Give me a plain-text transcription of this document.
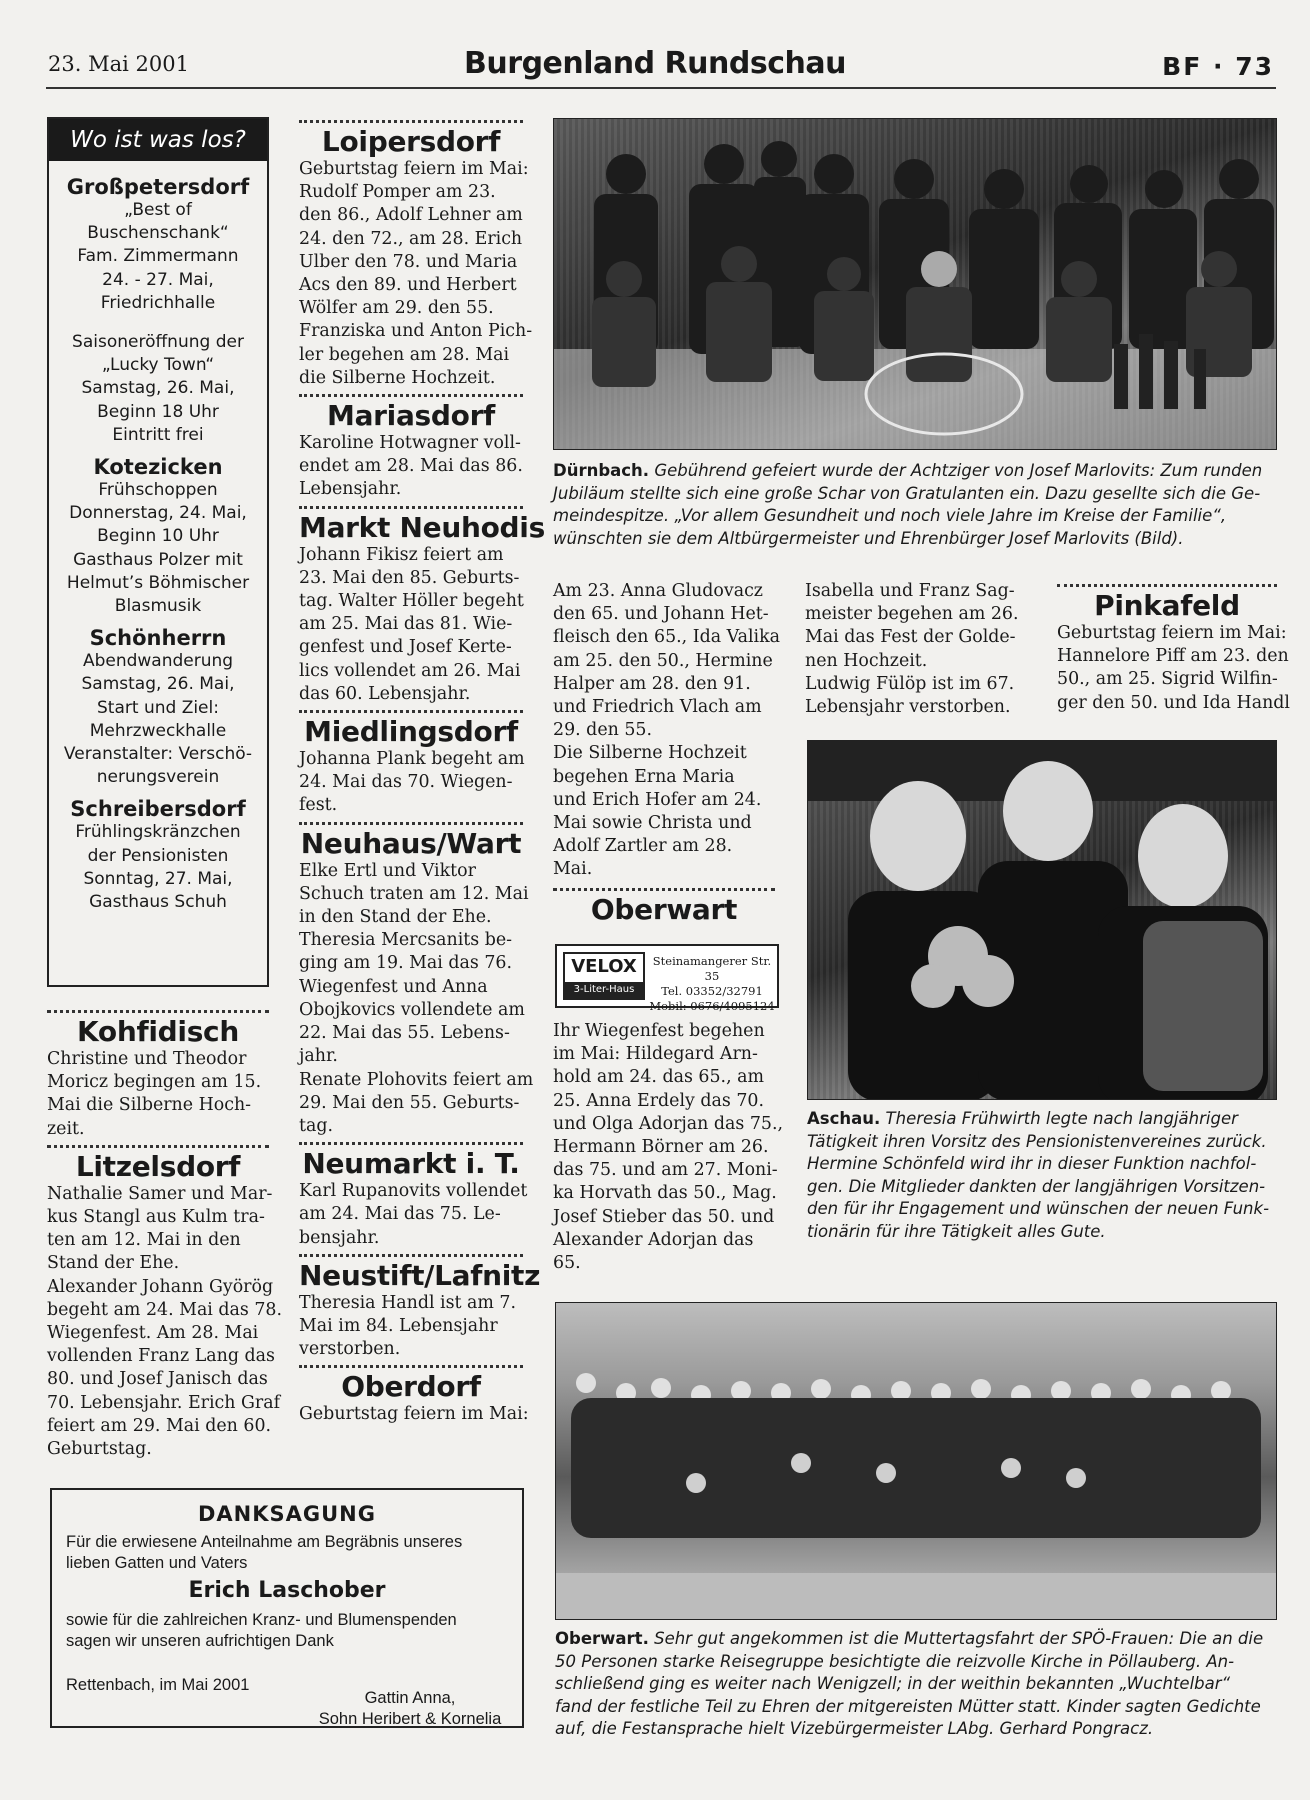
23. Mai 2001	Burgenland Rundschau	BF · 73
Wo ist was los?
Großpetersdorf
„Best of
Buschenschank“
Fam. Zimmermann
24. - 27. Mai,
Friedrichhalle
Saisoneröffnung der
„Lucky Town“
Samstag, 26. Mai,
Beginn 18 Uhr
Eintritt frei
Kotezicken
Frühschoppen
Donnerstag, 24. Mai,
Beginn 10 Uhr
Gasthaus Polzer mit
Helmut’s Böhmischer
Blasmusik
Schönherrn
Abendwanderung
Samstag, 26. Mai,
Start und Ziel:
Mehrzweckhalle
Veranstalter: Verschö-
nerungsverein
Schreibersdorf
Frühlingskränzchen
der Pensionisten
Sonntag, 27. Mai,
Gasthaus Schuh
Kohfidisch
Christine und Theodor
Moricz begingen am 15.
Mai die Silberne Hoch-
zeit.
Litzelsdorf
Nathalie Samer und Mar-
kus Stangl aus Kulm tra-
ten am 12. Mai in den
Stand der Ehe.
Alexander Johann Györög
begeht am 24. Mai das 78.
Wiegenfest. Am 28. Mai
vollenden Franz Lang das
80. und Josef Janisch das
70. Lebensjahr. Erich Graf
feiert am 29. Mai den 60.
Geburtstag.
Loipersdorf
Geburtstag feiern im Mai:
Rudolf Pomper am 23.
den 86., Adolf Lehner am
24. den 72., am 28. Erich
Ulber den 78. und Maria
Acs den 89. und Herbert
Wölfer am 29. den 55.
Franziska und Anton Pich-
ler begehen am 28. Mai
die Silberne Hochzeit.
Mariasdorf
Karoline Hotwagner voll-
endet am 28. Mai das 86.
Lebensjahr.
Markt Neuhodis
Johann Fikisz feiert am
23. Mai den 85. Geburts-
tag. Walter Höller begeht
am 25. Mai das 81. Wie-
genfest und Josef Kerte-
lics vollendet am 26. Mai
das 60. Lebensjahr.
Miedlingsdorf
Johanna Plank begeht am
24. Mai das 70. Wiegen-
fest.
Neuhaus/Wart
Elke Ertl und Viktor
Schuch traten am 12. Mai
in den Stand der Ehe.
Theresia Mercsanits be-
ging am 19. Mai das 76.
Wiegenfest und Anna
Obojkovics vollendete am
22. Mai das 55. Lebens-
jahr.
Renate Plohovits feiert am
29. Mai den 55. Geburts-
tag.
Neumarkt i. T.
Karl Rupanovits vollendet
am 24. Mai das 75. Le-
bensjahr.
Neustift/Lafnitz
Theresia Handl ist am 7.
Mai im 84. Lebensjahr
verstorben.
Oberdorf
Geburtstag feiern im Mai:
Dürnbach. Gebührend gefeiert wurde der Achtziger von Josef Marlovits: Zum runden
Jubiläum stellte sich eine große Schar von Gratulanten ein. Dazu gesellte sich die Ge-
meindespitze. „Vor allem Gesundheit und noch viele Jahre im Kreise der Familie“,
wünschten sie dem Altbürgermeister und Ehrenbürger Josef Marlovits (Bild).
Am 23. Anna Gludovacz
den 65. und Johann Het-
fleisch den 65., Ida Valika
am 25. den 50., Hermine
Halper am 28. den 91.
und Friedrich Vlach am
29. den 55.
Die Silberne Hochzeit
begehen Erna Maria
und Erich Hofer am 24.
Mai sowie Christa und
Adolf Zartler am 28.
Mai.
Oberwart
VELOX
3-Liter-Haus
Steinamangerer Str. 35
Tel. 03352/32791
Mobil: 0676/4095124
Ihr Wiegenfest begehen
im Mai: Hildegard Arn-
hold am 24. das 65., am
25. Anna Erdely das 70.
und Olga Adorjan das 75.,
Hermann Börner am 26.
das 75. und am 27. Moni-
ka Horvath das 50., Mag.
Josef Stieber das 50. und
Alexander Adorjan das
65.
Isabella und Franz Sag-
meister begehen am 26.
Mai das Fest der Golde-
nen Hochzeit.
Ludwig Fülöp ist im 67.
Lebensjahr verstorben.
Pinkafeld
Geburtstag feiern im Mai:
Hannelore Piff am 23. den
50., am 25. Sigrid Wilfin-
ger den 50. und Ida Handl
Aschau. Theresia Frühwirth legte nach langjähriger
Tätigkeit ihren Vorsitz des Pensionistenvereines zurück.
Hermine Schönfeld wird ihr in dieser Funktion nachfol-
gen. Die Mitglieder dankten der langjährigen Vorsitzen-
den für ihr Engagement und wünschen der neuen Funk-
tionärin für ihre Tätigkeit alles Gute.
Oberwart. Sehr gut angekommen ist die Muttertagsfahrt der SPÖ-Frauen: Die an die
50 Personen starke Reisegruppe besichtigte die reizvolle Kirche in Pöllauberg. An-
schließend ging es weiter nach Wenigzell; in der weithin bekannten „Wuchtelbar“
fand der festliche Teil zu Ehren der mitgereisten Mütter statt. Kinder sagten Gedichte
auf, die Festansprache hielt Vizebürgermeister LAbg. Gerhard Pongracz.
DANKSAGUNG
Für die erwiesene Anteilnahme am Begräbnis unseres
lieben Gatten und Vaters
Erich Laschober
sowie für die zahlreichen Kranz- und Blumenspenden
sagen wir unseren aufrichtigen Dank
Rettenbach, im Mai 2001
Gattin Anna,
Sohn Heribert & Kornelia
